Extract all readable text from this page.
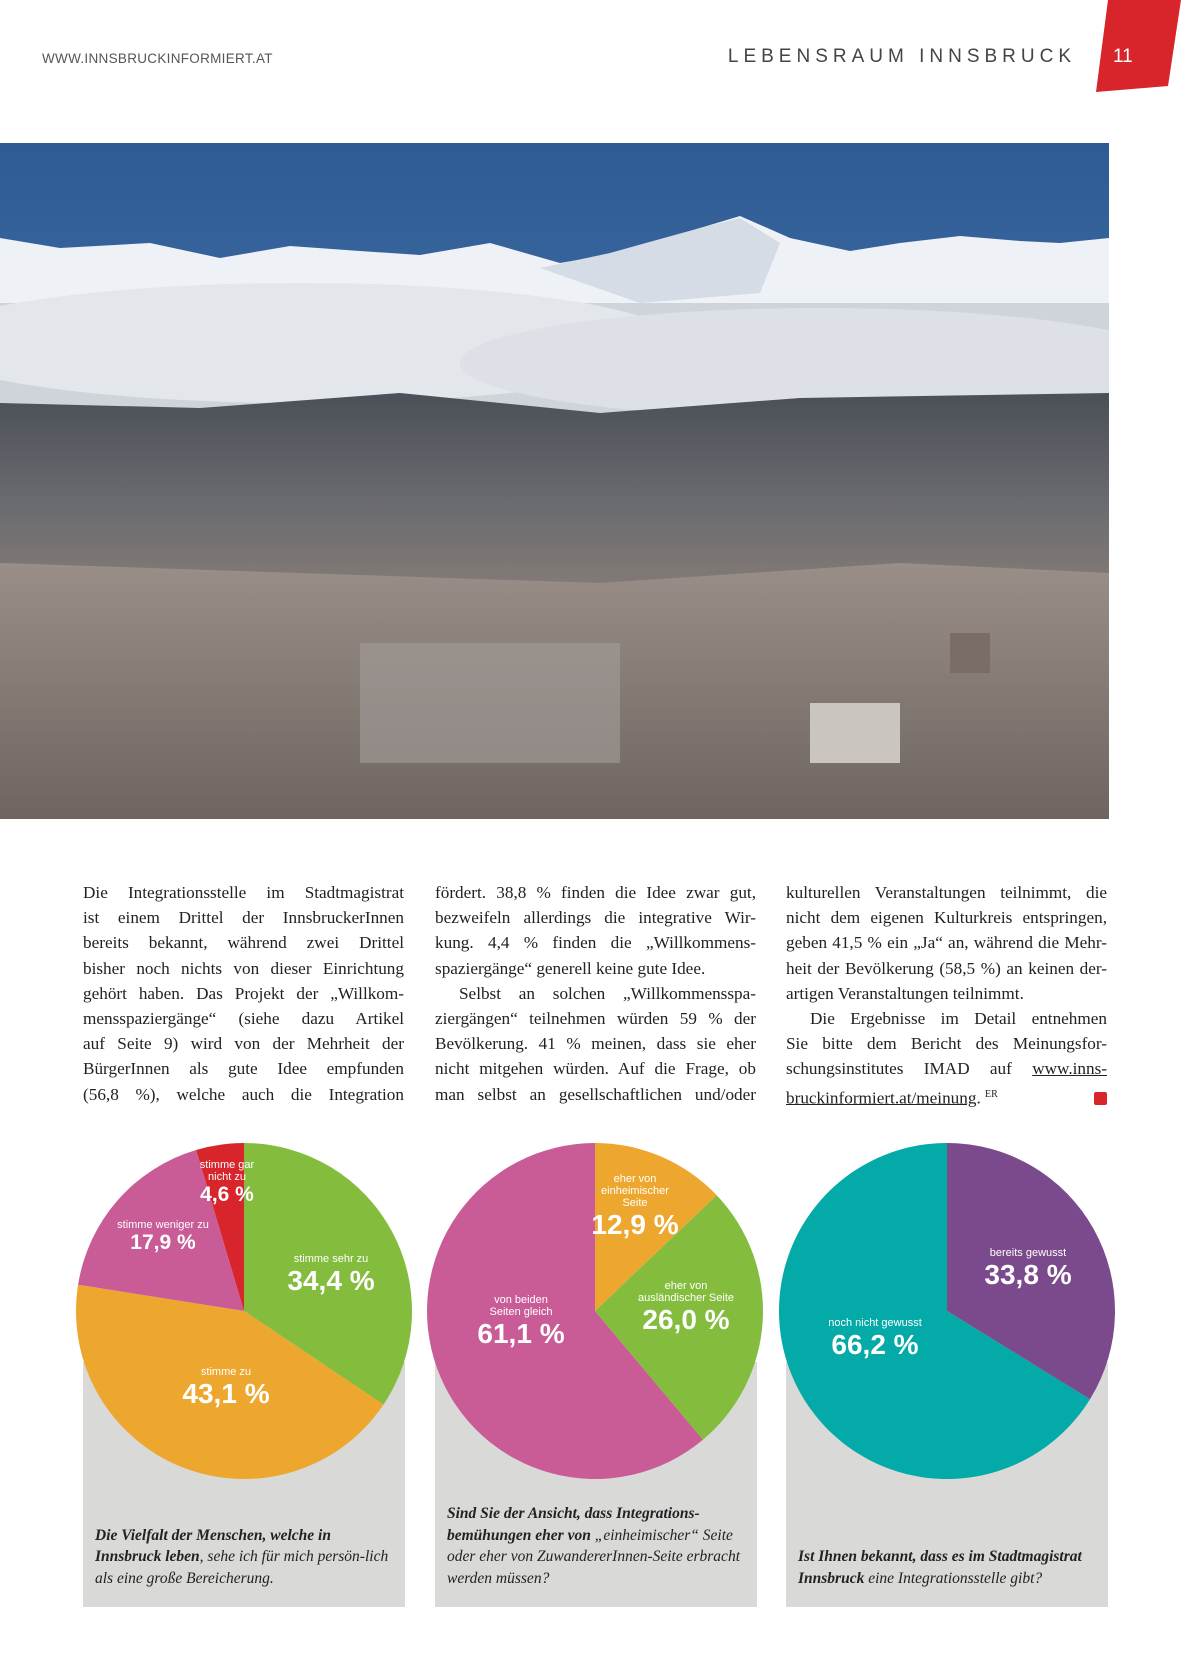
WWW.INNSBRUCKINFORMIERT.AT	LEBENSRAUM INNSBRUCK 11
Die Integrationsstelle im Stadtmagistrat
ist einem Drittel der InnsbruckerInnen
bereits bekannt, während zwei Drittel
bisher noch nichts von dieser Einrichtung
gehört haben. Das Projekt der „Willkom-
mensspaziergänge“ (siehe dazu Artikel
auf Seite 9) wird von der Mehrheit der
BürgerInnen als gute Idee empfunden
(56,8 %), welche auch die Integration
fördert. 38,8 % finden die Idee zwar gut,
bezweifeln allerdings die integrative Wir-
kung. 4,4 % finden die „Willkommens-
spaziergänge“ generell keine gute Idee.
Selbst an solchen „Willkommensspa-
ziergängen“ teilnehmen würden 59 % der
Bevölkerung. 41 % meinen, dass sie eher
nicht mitgehen würden. Auf die Frage, ob
man selbst an gesellschaftlichen und/oder
kulturellen Veranstaltungen teilnimmt, die
nicht dem eigenen Kulturkreis entspringen,
geben 41,5 % ein „Ja“ an, während die Mehr-
heit der Bevölkerung (58,5 %) an keinen der-
artigen Veranstaltungen teilnimmt.
Die Ergebnisse im Detail entnehmen
Sie bitte dem Bericht des Meinungsfor-
schungsinstitutes IMAD auf www.inns-
bruckinformiert.at/meinung. $^{ER}$
Die Vielfalt der Menschen, welche in Innsbruck leben, sehe ich für mich persön-lich als eine große Bereicherung.
Sind Sie der Ansicht, dass Integrations-bemühungen eher von „einheimischer“ Seite oder eher von ZuwandererInnen-Seite erbracht werden müssen?
Ist Ihnen bekannt, dass es im Stadtmagistrat Innsbruck eine Integrationsstelle gibt?
stimme gar nicht zu
4,6 %
stimme weniger zu
17,9 %
stimme sehr zu
34,4 %
stimme zu
43,1 %
eher von einheimischer Seite
12,9 %
eher von ausländischer Seite
26,0 %
von beiden Seiten gleich
61,1 %
bereits gewusst
33,8 %
noch nicht gewusst
66,2 %
